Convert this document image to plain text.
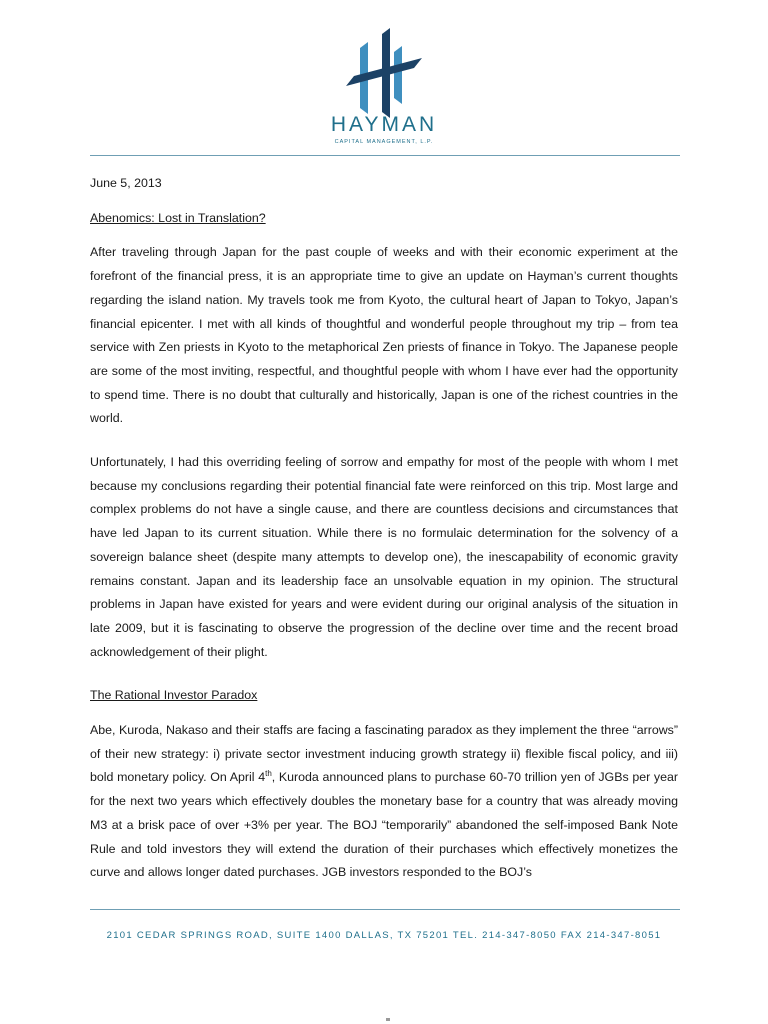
HAYMAN
CAPITAL MANAGEMENT, L.P.
June 5, 2013
Abenomics: Lost in Translation?

After traveling through Japan for the past couple of weeks and with their economic experiment at the forefront of the financial press, it is an appropriate time to give an update on Hayman’s current thoughts regarding the island nation. My travels took me from Kyoto, the cultural heart of Japan to Tokyo, Japan’s financial epicenter. I met with all kinds of thoughtful and wonderful people throughout my trip – from tea service with Zen priests in Kyoto to the metaphorical Zen priests of finance in Tokyo. The Japanese people are some of the most inviting, respectful, and thoughtful people with whom I have ever had the opportunity to spend time. There is no doubt that culturally and historically, Japan is one of the richest countries in the world.

Unfortunately, I had this overriding feeling of sorrow and empathy for most of the people with whom I met because my conclusions regarding their potential financial fate were reinforced on this trip. Most large and complex problems do not have a single cause, and there are countless decisions and circumstances that have led Japan to its current situation. While there is no formulaic determination for the solvency of a sovereign balance sheet (despite many attempts to develop one), the inescapability of economic gravity remains constant. Japan and its leadership face an unsolvable equation in my opinion. The structural problems in Japan have existed for years and were evident during our original analysis of the situation in late 2009, but it is fascinating to observe the progression of the decline over time and the recent broad acknowledgement of their plight.

The Rational Investor Paradox

Abe, Kuroda, Nakaso and their staffs are facing a fascinating paradox as they implement the three “arrows” of their new strategy: i) private sector investment inducing growth strategy ii) flexible fiscal policy, and iii) bold monetary policy. On April 4th, Kuroda announced plans to purchase 60-70 trillion yen of JGBs per year for the next two years which effectively doubles the monetary base for a country that was already moving M3 at a brisk pace of over +3% per year. The BOJ “temporarily” abandoned the self-imposed Bank Note Rule and told investors they will extend the duration of their purchases which effectively monetizes the curve and allows longer dated purchases. JGB investors responded to the BOJ’s

2101 CEDAR SPRINGS ROAD, SUITE 1400 DALLAS, TX 75201 TEL. 214-347-8050 FAX 214-347-8051
